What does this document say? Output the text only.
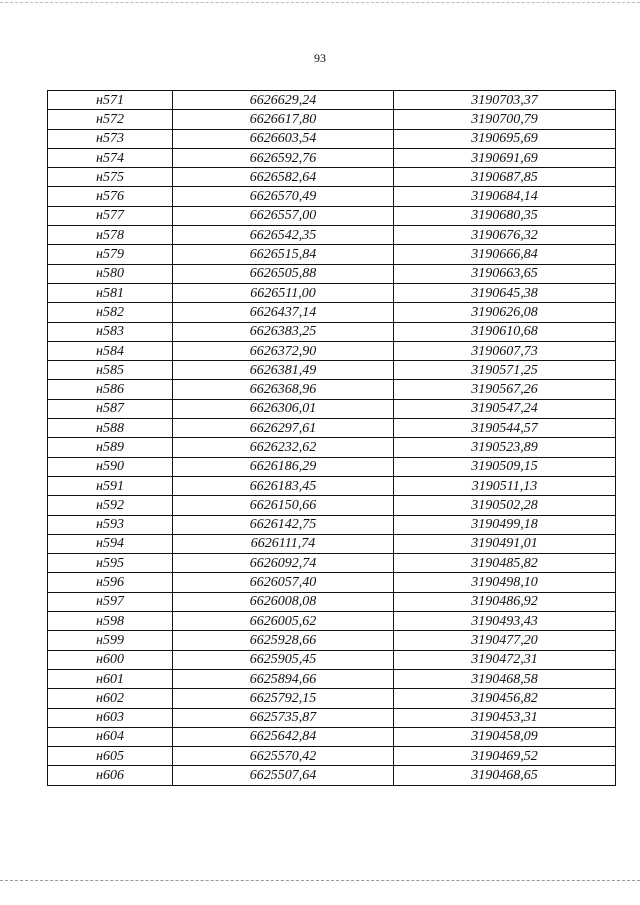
93
н571	6626629,24	3190703,37
н572	6626617,80	3190700,79
н573	6626603,54	3190695,69
н574	6626592,76	3190691,69
н575	6626582,64	3190687,85
н576	6626570,49	3190684,14
н577	6626557,00	3190680,35
н578	6626542,35	3190676,32
н579	6626515,84	3190666,84
н580	6626505,88	3190663,65
н581	6626511,00	3190645,38
н582	6626437,14	3190626,08
н583	6626383,25	3190610,68
н584	6626372,90	3190607,73
н585	6626381,49	3190571,25
н586	6626368,96	3190567,26
н587	6626306,01	3190547,24
н588	6626297,61	3190544,57
н589	6626232,62	3190523,89
н590	6626186,29	3190509,15
н591	6626183,45	3190511,13
н592	6626150,66	3190502,28
н593	6626142,75	3190499,18
н594	6626111,74	3190491,01
н595	6626092,74	3190485,82
н596	6626057,40	3190498,10
н597	6626008,08	3190486,92
н598	6626005,62	3190493,43
н599	6625928,66	3190477,20
н600	6625905,45	3190472,31
н601	6625894,66	3190468,58
н602	6625792,15	3190456,82
н603	6625735,87	3190453,31
н604	6625642,84	3190458,09
н605	6625570,42	3190469,52
н606	6625507,64	3190468,65
